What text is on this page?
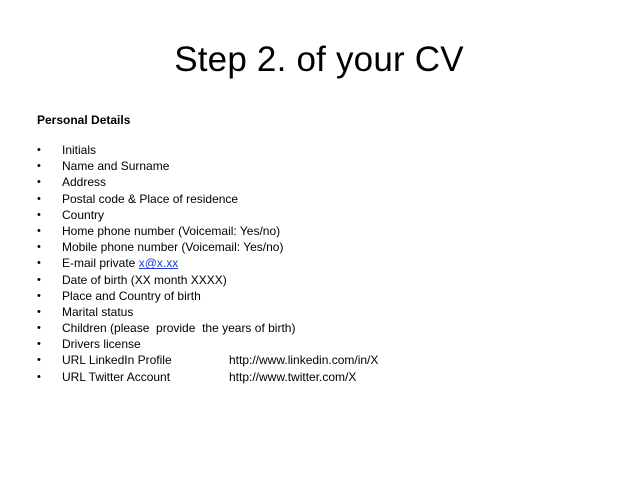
Step 2. of your CV
Personal Details
•	Initials
•	Name and Surname
•	Address
•	Postal code & Place of residence
•	Country
•	Home phone number (Voicemail: Yes/no)
•	Mobile phone number (Voicemail: Yes/no)
•	E-mail private x@x.xx
•	Date of birth (XX month XXXX)
•	Place and Country of birth
•	Marital status
•	Children (please  provide  the years of birth)
•	Drivers license
•	URL LinkedIn Profile	http://www.linkedin.com/in/X
•	URL Twitter Account	http://www.twitter.com/X
